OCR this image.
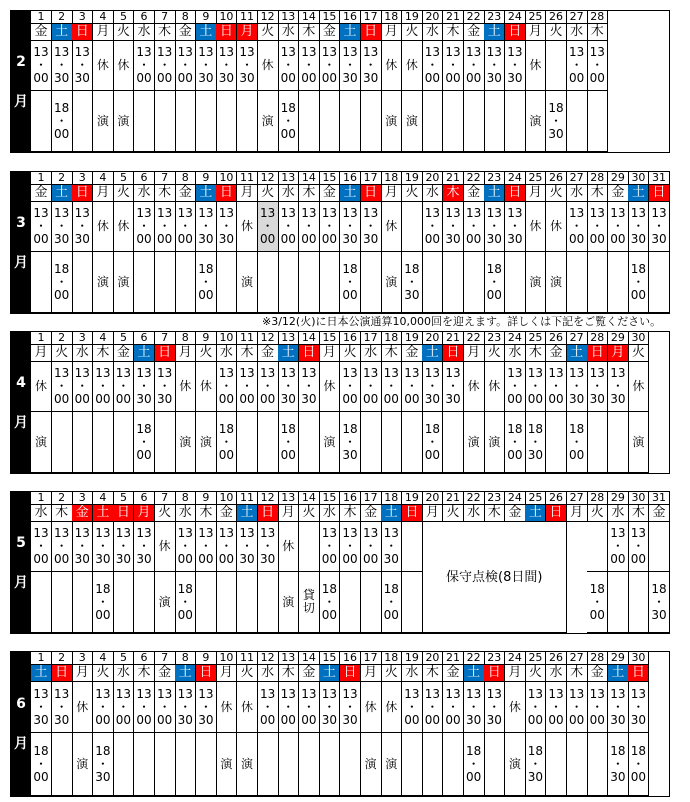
2
月
1
金
13
・
00
2
土
13
・
30
18
・
00
3
日
13
・
30
4
月
休
演
5
火
休
演
6
水
13
・
00
7
木
13
・
00
8
金
13
・
00
9
土
13
・
30
10
日
13
・
30
11
月
13
・
30
12
火
休
演
13
水
13
・
00
18
・
00
14
木
13
・
00
15
金
13
・
00
16
土
13
・
30
17
日
13
・
30
18
月
休
演
19
火
休
演
20
水
13
・
00
21
木
13
・
00
22
金
13
・
00
23
土
13
・
30
24
日
13
・
30
25
月
休
演
26
火
18
・
30
27
水
13
・
00
28
木
13
・
00
3
月
1
金
13
・
00
2
土
13
・
30
18
・
00
3
日
13
・
30
4
月
休
演
5
火
休
演
6
水
13
・
00
7
木
13
・
00
8
金
13
・
00
9
土
13
・
30
18
・
00
10
日
13
・
30
11
月
休
演
12
火
13
・
00
13
水
13
・
00
14
木
13
・
00
15
金
13
・
00
16
土
13
・
30
18
・
00
17
日
13
・
30
18
月
休
演
19
火
18
・
30
20
水
13
・
00
21
木
13
・
30
22
金
13
・
00
23
土
13
・
30
18
・
00
24
日
13
・
30
25
月
休
演
26
火
休
演
27
水
13
・
00
28
木
13
・
00
29
金
13
・
00
30
土
13
・
30
18
・
00
31
日
13
・
30
4
月
1
月
休
演
2
火
13
・
00
3
水
13
・
00
4
木
13
・
00
5
金
13
・
00
6
土
13
・
30
18
・
00
7
日
13
・
30
8
月
休
演
9
火
休
演
10
水
13
・
00
18
・
00
11
木
13
・
00
12
金
13
・
00
13
土
13
・
30
18
・
00
14
日
13
・
30
15
月
休
演
16
火
13
・
00
18
・
30
17
水
13
・
00
18
木
13
・
00
19
金
13
・
00
20
土
13
・
30
18
・
00
21
日
13
・
30
22
月
休
演
23
火
休
演
24
水
13
・
00
18
・
00
25
木
13
・
00
18
・
30
26
金
13
・
00
27
土
13
・
30
18
・
00
28
日
13
・
30
29
月
13
・
30
30
火
休
演
5
月
1
水
13
・
00
2
木
13
・
00
3
金
13
・
30
4
土
13
・
30
18
・
00
5
日
13
・
30
6
月
13
・
30
7
火
休
演
8
水
13
・
00
18
・
00
9
木
13
・
00
10
金
13
・
00
11
土
13
・
30
12
日
13
・
30
13
月
休
演
14
火
貸
切
15
水
13
・
00
18
・
00
16
木
13
・
00
17
金
13
・
00
18
土
13
・
30
18
・
00
19
日
20
月
21
火
22
水
23
木
24
金
25
土
26
日
27
月
28
火
18
・
00
29
水
13
・
00
30
木
13
・
00
31
金
18
・
30
保守点検(8日間)
6
月
1
土
13
・
30
18
・
00
2
日
13
・
30
3
月
休
演
4
火
13
・
00
18
・
30
5
水
13
・
00
6
木
13
・
00
7
金
13
・
00
8
土
13
・
30
9
日
13
・
30
10
月
休
演
11
火
休
演
12
水
13
・
00
13
木
13
・
00
14
金
13
・
00
15
土
13
・
30
16
日
13
・
30
17
月
休
演
18
火
休
演
19
水
13
・
00
20
木
13
・
00
21
金
13
・
00
22
土
13
・
30
18
・
00
23
日
13
・
30
24
月
休
演
25
火
13
・
00
18
・
30
26
水
13
・
00
27
木
13
・
00
28
金
13
・
00
29
土
13
・
30
18
・
30
30
日
13
・
30
18
・
00
※3/12(火)に日本公演通算10,000回を迎えます。詳しくは下記をご覧ください。
